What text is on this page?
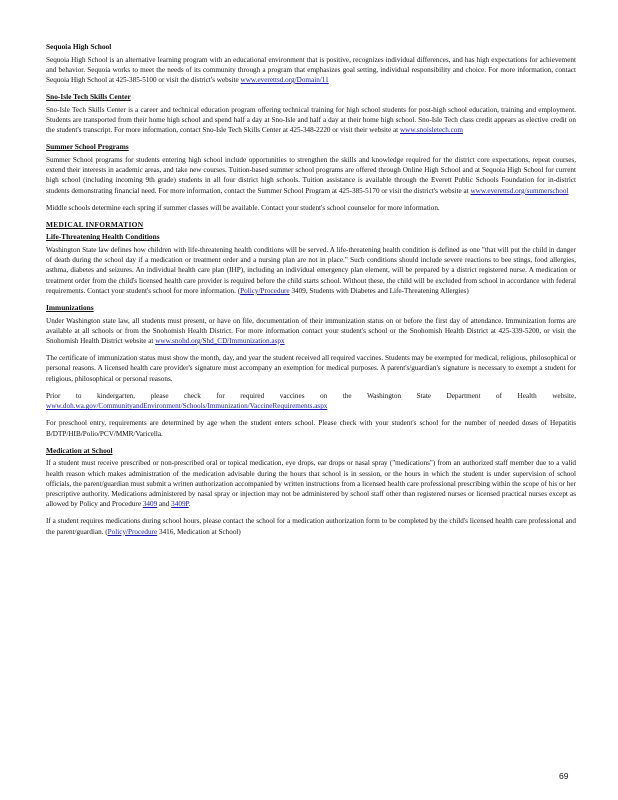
Sequoia High School

Sequoia High School is an alternative learning program with an educational environment that is positive, recognizes individual differences, and has high expectations for achievement and behavior. Sequoia works to meet the needs of its community through a program that emphasizes goal setting, individual responsibility and choice. For more information, contact Sequoia High School at 425-385-5100 or visit the district's website www.everettsd.org/Domain/11

Sno-Isle Tech Skills Center

Sno-Isle Tech Skills Center is a career and technical education program offering technical training for high school students for post-high school education, training and employment. Students are transported from their home high school and spend half a day at Sno-Isle and half a day at their home high school. Sno-Isle Tech class credit appears as elective credit on the student's transcript. For more information, contact Sno-Isle Tech Skills Center at 425-348-2220 or visit their website at www.snoisletech.com

Summer School Programs

Summer School programs for students entering high school include opportunities to strengthen the skills and knowledge required for the district core expectations, repeat courses, extend their interests in academic areas, and take new courses. Tuition-based summer school programs are offered through Online High School and at Sequoia High School for current high school (including incoming 9th grade) students in all four district high schools. Tuition assistance is available through the Everett Public Schools Foundation for in-district students demonstrating financial need. For more information, contact the Summer School Program at 425-385-5170 or visit the district's website at www.everettsd.org/summerschool

Middle schools determine each spring if summer classes will be available. Contact your student's school counselor for more information.

MEDICAL INFORMATION
Life-Threatening Health Conditions

Washington State law defines how children with life-threatening health conditions will be served. A life-threatening health condition is defined as one "that will put the child in danger of death during the school day if a medication or treatment order and a nursing plan are not in place." Such conditions should include severe reactions to bee stings, food allergies, asthma, diabetes and seizures. An individual health care plan (IHP), including an individual emergency plan element, will be prepared by a district registered nurse. A medication or treatment order from the child's licensed health care provider is required before the child starts school. Without these, the child will be excluded from school in accordance with federal requirements. Contact your student's school for more information. (Policy/Procedure 3409, Students with Diabetes and Life-Threatening Allergies)

Immunizations

Under Washington state law, all students must present, or have on file, documentation of their immunization status on or before the first day of attendance. Immunization forms are available at all schools or from the Snohomish Health District. For more information contact your student's school or the Snohomish Health District at 425-339-5200, or visit the Snohomish Health District website at www.snohd.org/Shd_CD/Immunization.aspx

The certificate of immunization status must show the month, day, and year the student received all required vaccines. Students may be exempted for medical, religious, philosophical or personal reasons. A licensed health care provider's signature must accompany an exemption for medical purposes. A parent's/guardian's signature is necessary to exempt a student for religious, philosophical or personal reasons.

Prior to kindergarten, please check for required vaccines on the Washington State Department of Health website, www.doh.wa.gov/CommunityandEnvironment/Schools/Immunization/VaccineRequirements.aspx

For preschool entry, requirements are determined by age when the student enters school. Please check with your student's school for the number of needed doses of Hepatitis B/DTP/HIB/Polio/PCV/MMR/Varicella.

Medication at School

If a student must receive prescribed or non-prescribed oral or topical medication, eye drops, ear drops or nasal spray ("medications") from an authorized staff member due to a valid health reason which makes administration of the medication advisable during the hours that school is in session, or the hours in which the student is under supervision of school officials, the parent/guardian must submit a written authorization accompanied by written instructions from a licensed health care professional prescribing within the scope of his or her prescriptive authority. Medications administered by nasal spray or injection may not be administered by school staff other than registered nurses or licensed practical nurses except as allowed by Policy and Procedure 3409 and 3409P.

If a student requires medications during school hours, please contact the school for a medication authorization form to be completed by the child's licensed health care professional and the parent/guardian. (Policy/Procedure 3416, Medication at School)

69
